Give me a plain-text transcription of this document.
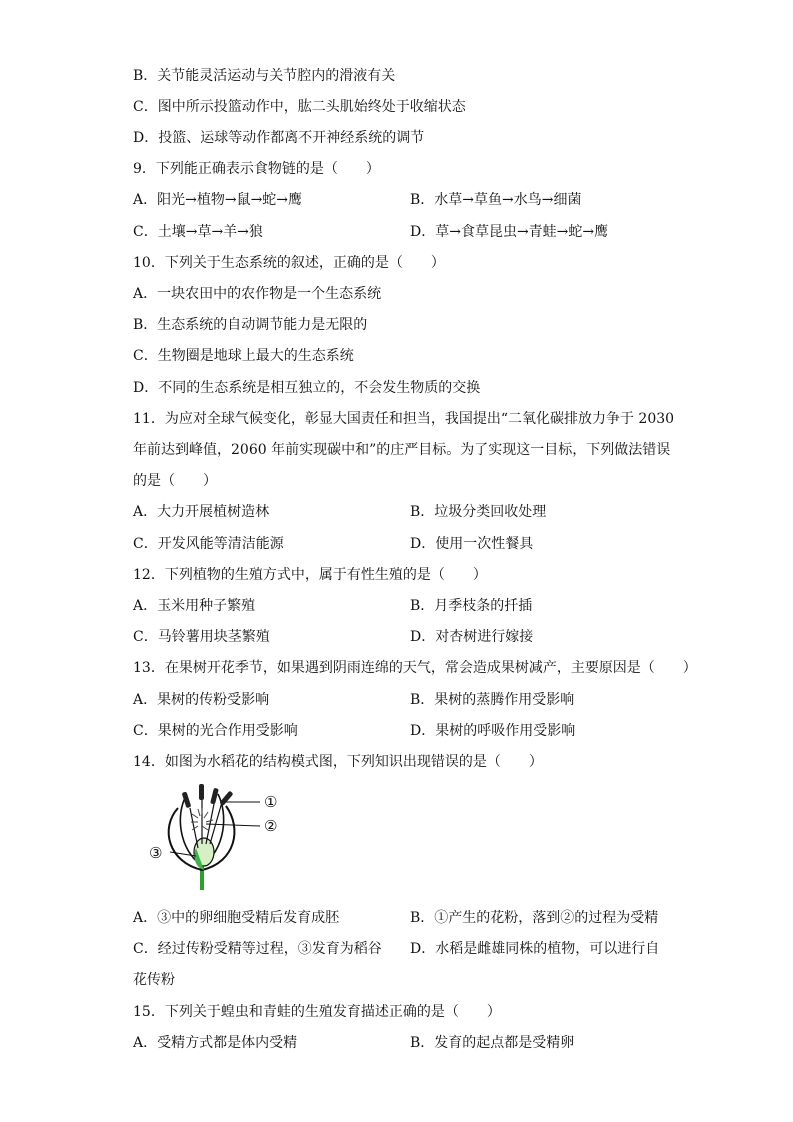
B．关节能灵活运动与关节腔内的滑液有关
C．图中所示投篮动作中，肱二头肌始终处于收缩状态
D．投篮、运球等动作都离不开神经系统的调节
9．下列能正确表示食物链的是（　　）
A．阳光→植物→鼠→蛇→鹰	B．水草→草鱼→水鸟→细菌
C．土壤→草→羊→狼	D．草→食草昆虫→青蛙→蛇→鹰
10．下列关于生态系统的叙述，正确的是（　　）
A．一块农田中的农作物是一个生态系统
B．生态系统的自动调节能力是无限的
C．生物圈是地球上最大的生态系统
D．不同的生态系统是相互独立的，不会发生物质的交换
11．为应对全球气候变化，彰显大国责任和担当，我国提出“二氧化碳排放力争于 2030
年前达到峰值，2060 年前实现碳中和”的庄严目标。为了实现这一目标，下列做法错误
的是（　　）
A．大力开展植树造林	B．垃圾分类回收处理
C．开发风能等清洁能源	D．使用一次性餐具
12．下列植物的生殖方式中，属于有性生殖的是（　　）
A．玉米用种子繁殖	B．月季枝条的扦插
C．马铃薯用块茎繁殖	D．对杏树进行嫁接
13．在果树开花季节，如果遇到阴雨连绵的天气，常会造成果树减产，主要原因是（　　）
A．果树的传粉受影响	B．果树的蒸腾作用受影响
C．果树的光合作用受影响	D．果树的呼吸作用受影响
14．如图为水稻花的结构模式图，下列知识出现错误的是（　　）
①
②
③
A．③中的卵细胞受精后发育成胚	B．①产生的花粉，落到②的过程为受精
C．经过传粉受精等过程，③发育为稻谷 D．水稻是雌雄同株的植物，可以进行自
花传粉
15．下列关于蝗虫和青蛙的生殖发育描述正确的是（　　）
A．受精方式都是体内受精	B．发育的起点都是受精卵
